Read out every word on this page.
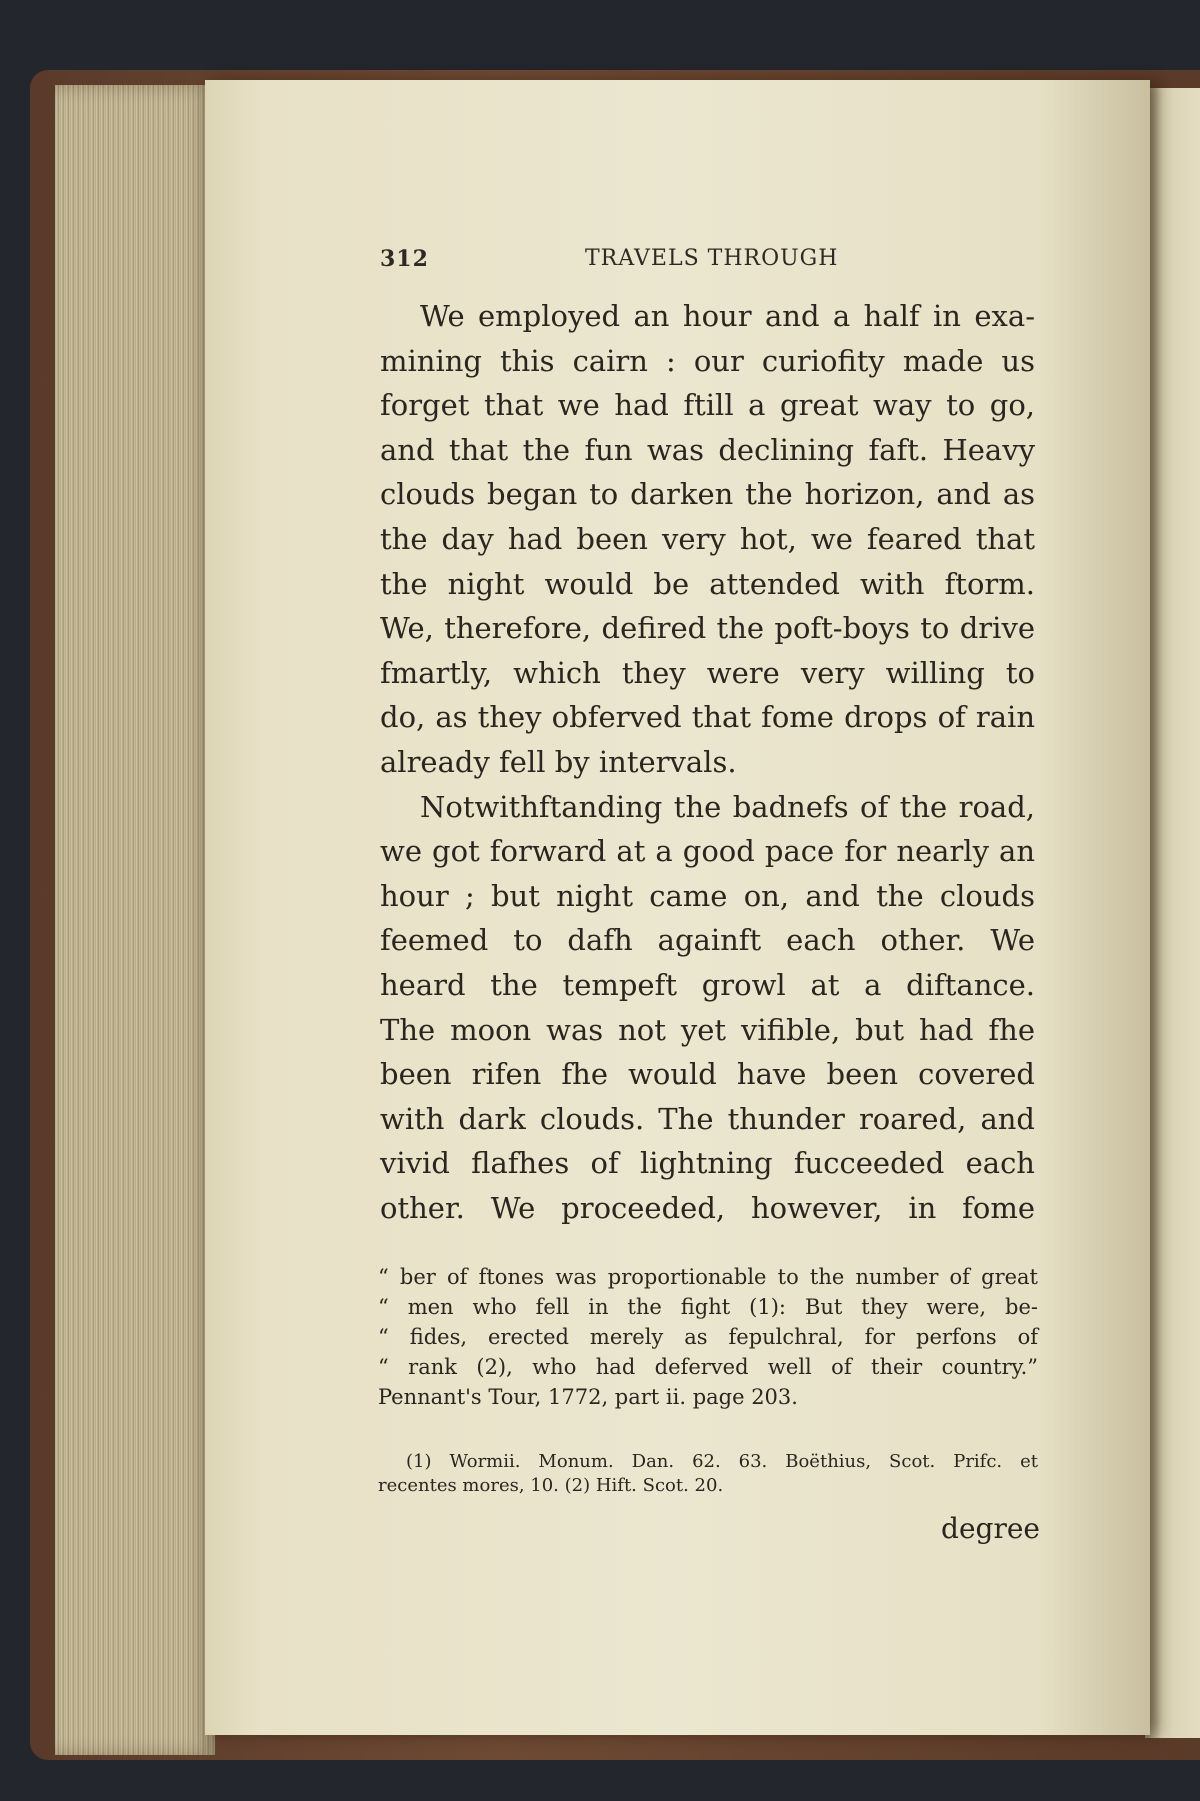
312	TRAVELS THROUGH
We employed an hour and a half in exa-
mining this cairn : our curiofity made us
forget that we had ftill a great way to go,
and that the fun was declining faft. Heavy
clouds began to darken the horizon, and as
the day had been very hot, we feared that
the night would be attended with ftorm.
We, therefore, defired the poft-boys to drive
fmartly, which they were very willing to
do, as they obferved that fome drops of rain
already fell by intervals.
Notwithftanding the badnefs of the road,
we got forward at a good pace for nearly an
hour ; but night came on, and the clouds
feemed to dafh againft each other. We
heard the tempeft growl at a diftance.
The moon was not yet vifible, but had fhe
been rifen fhe would have been covered
with dark clouds. The thunder roared, and
vivid flafhes of lightning fucceeded each
other. We proceeded, however, in fome
“ ber of ftones was proportionable to the number of great
“ men who fell in the fight (1): But they were, be-
“ fides, erected merely as fepulchral, for perfons of
“ rank (2), who had deferved well of their country.”
Pennant's Tour, 1772, part ii. page 203.
(1) Wormii. Monum. Dan. 62. 63. Boëthius, Scot. Prifc. et
recentes mores, 10. (2) Hift. Scot. 20.
degree
